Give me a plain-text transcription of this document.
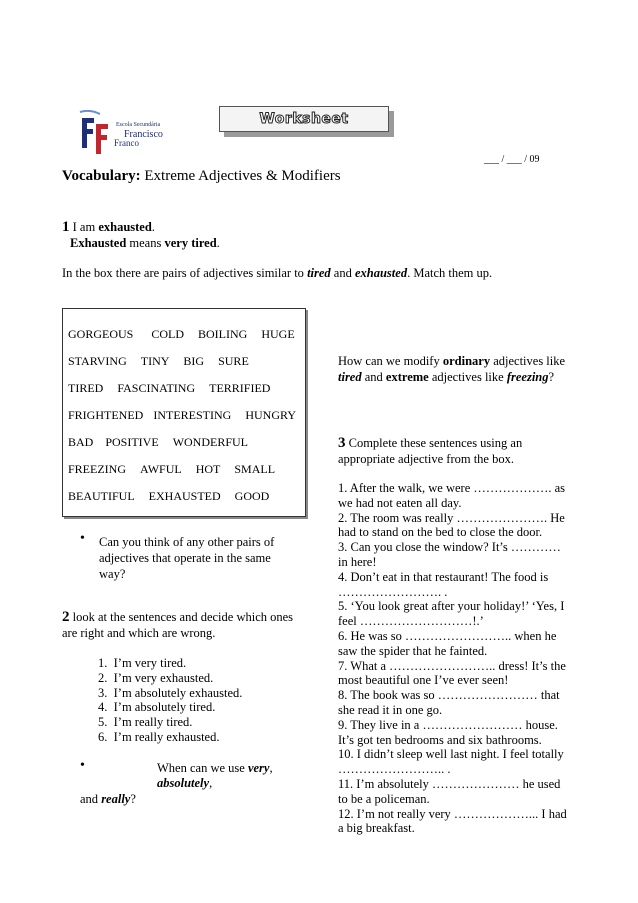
Escola Secundária
Francisco
Franco
Worksheet
___ / ___ / 09
Vocabulary: Extreme Adjectives & Modifiers
1 I am exhausted.
Exhausted means very tired.
In the box there are pairs of adjectives similar to tired and exhausted. Match them up.
GORGEOUS COLD BOILING HUGE
STARVING TINY BIG SURE
TIRED FASCINATING TERRIFIED
FRIGHTENED INTERESTING HUNGRY
BAD POSITIVE WONDERFUL
FREEZING AWFUL HOT SMALL
BEAUTIFUL EXHAUSTED GOOD
• Can you think of any other pairs of
adjectives that operate in the same
way?
2 look at the sentences and decide which ones
are right and which are wrong.
1.  I’m very tired.
2.  I’m very exhausted.
3.  I’m absolutely exhausted.
4.  I’m absolutely tired.
5.  I’m really tired.
6.  I’m really exhausted.
•	When can we use very,
absolutely,
and really?
How can we modify ordinary adjectives like
tired and extreme adjectives like freezing?
3 Complete these sentences using an
appropriate adjective from the box.
1. After the walk, we were ………………. as
we had not eaten all day.
2. The room was really …………………. He
had to stand on the bed to close the door.
3. Can you close the window? It’s …………
in here!
4. Don’t eat in that restaurant! The food is
……………………. .
5. ‘You look great after your holiday!’ ‘Yes, I
feel ………………………!.’
6. He was so …………………….. when he
saw the spider that he fainted.
7. What a …………………….. dress! It’s the
most beautiful one I’ve ever seen!
8. The book was so …………………… that
she read it in one go.
9. They live in a …………………… house.
It’s got ten bedrooms and six bathrooms.
10. I didn’t sleep well last night. I feel totally
…………………….. .
11. I’m absolutely ………………… he used
to be a policeman.
12. I’m not really very ………………... I had
a big breakfast.
